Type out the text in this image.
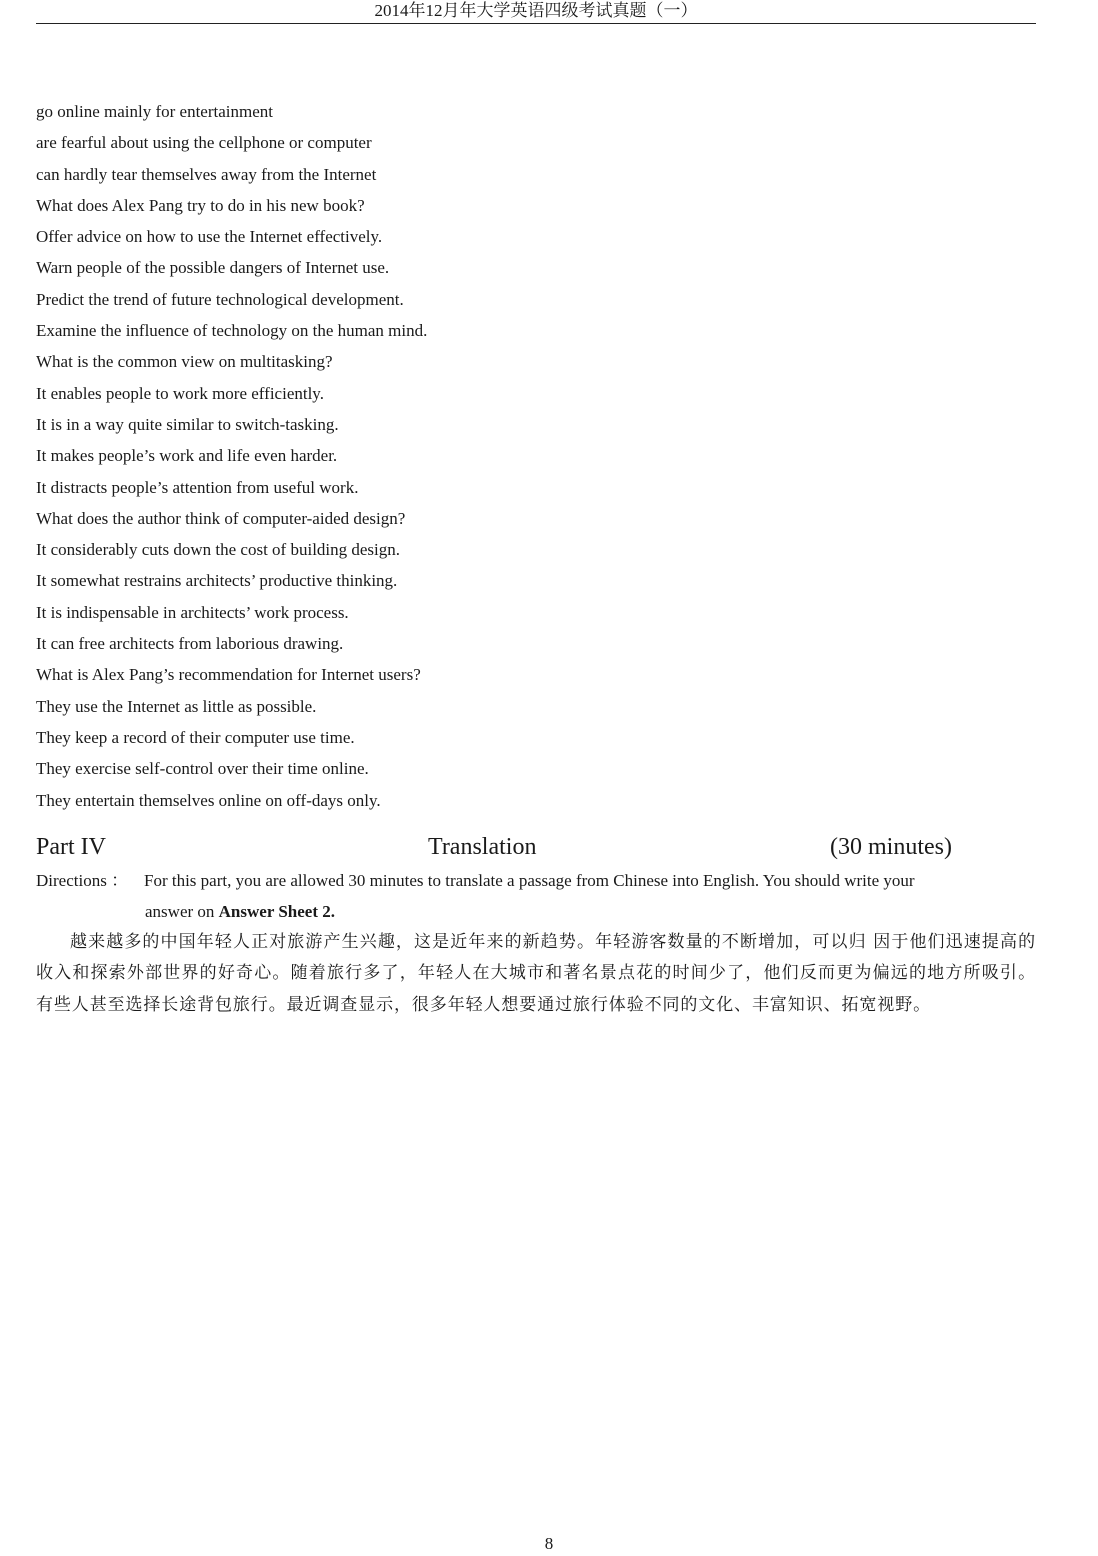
2014年12月年大学英语四级考试真题（一）
go online mainly for entertainment
are fearful about using the cellphone or computer
can hardly tear themselves away from the Internet
What does Alex Pang try to do in his new book?
Offer advice on how to use the Internet effectively.
Warn people of the possible dangers of Internet use.
Predict the trend of future technological development.
Examine the influence of technology on the human mind.
What is the common view on multitasking?
It enables people to work more efficiently.
It is in a way quite similar to switch-tasking.
It makes people’s work and life even harder.
It distracts people’s attention from useful work.
What does the author think of computer-aided design?
It considerably cuts down the cost of building design.
It somewhat restrains architects’ productive thinking.
It is indispensable in architects’ work process.
It can free architects from laborious drawing.
What is Alex Pang’s recommendation for Internet users?
They use the Internet as little as possible.
They keep a record of their computer use time.
They exercise self-control over their time online.
They entertain themselves online on off-days only.
Part IV	Translation	(30 minutes)
Directions ： For this part, you are allowed 30 minutes to translate a passage from Chinese into English. You should write your
answer on Answer Sheet 2.

越来越多的中国年轻人正对旅游产生兴趣，这是近年来的新趋势。年轻游客数量的不断增加，可以归 因于他们迅速提高的收入和探索外部世界的好奇心。随着旅行多了，年轻人在大城市和著名景点花的时间少了，他们反而更为偏远的地方所吸引。有些人甚至选择长途背包旅行。最近调查显示，很多年轻人想要通过旅行体验不同的文化、丰富知识、拓宽视野。

8
